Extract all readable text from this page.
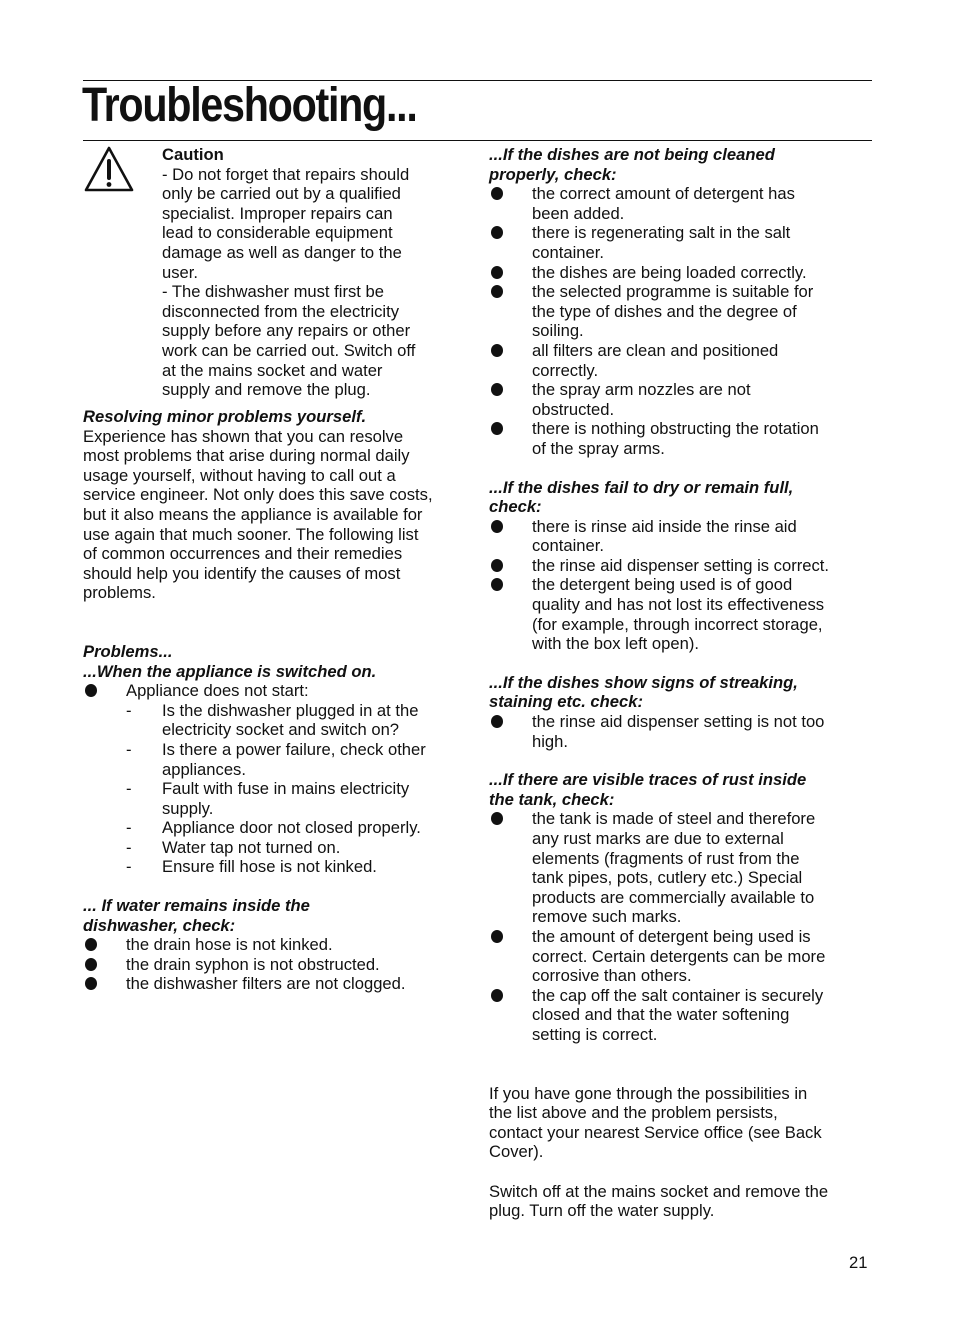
Troubleshooting...
Caution
- Do not forget that repairs should
only be carried out by a qualified
specialist. Improper repairs can
lead to considerable equipment
damage as well as danger to the
user.
- The dishwasher must first be
disconnected from the electricity
supply before any repairs or other
work can be carried out. Switch off
at the mains socket and water
supply and remove the plug.
Resolving minor problems yourself.
Experience has shown that you can resolve
most problems that arise during normal daily
usage yourself, without having to call out a
service engineer. Not only does this save costs,
but it also means the appliance is available for
use again that much sooner. The following list
of common occurrences and their remedies
should help you identify the causes of most
problems.
Problems...
...When the appliance is switched on.
Appliance does not start:
- Is the dishwasher plugged in at the
electricity socket and switch on?
- Is there a power failure, check other
appliances.
- Fault with fuse in mains electricity
supply.
- Appliance door not closed properly.
- Water tap not turned on.
- Ensure fill hose is not kinked.
... If water remains inside the
dishwasher, check:
the drain hose is not kinked.
the drain syphon is not obstructed.
the dishwasher filters are not clogged.
...If the dishes are not being cleaned
properly, check:
the correct amount of detergent has
been added.
there is regenerating salt in the salt
container.
the dishes are being loaded correctly.
the selected programme is suitable for
the type of dishes and the degree of
soiling.
all filters are clean and positioned
correctly.
the spray arm nozzles are not
obstructed.
there is nothing obstructing the rotation
of the spray arms.
...If the dishes fail to dry or remain full,
check:
there is rinse aid inside the rinse aid
container.
the rinse aid dispenser setting is correct.
the detergent being used is of good
quality and has not lost its effectiveness
(for example, through incorrect storage,
with the box left open).
...If the dishes show signs of streaking,
staining etc. check:
the rinse aid dispenser setting is not too
high.
...If there are visible traces of rust inside
the tank, check:
the tank is made of steel and therefore
any rust marks are due to external
elements (fragments of rust from the
tank pipes, pots, cutlery etc.) Special
products are commercially available to
remove such marks.
the amount of detergent being used is
correct. Certain detergents can be more
corrosive than others.
the cap off the salt container is securely
closed and that the water softening
setting is correct.
If you have gone through the possibilities in
the list above and the problem persists,
contact your nearest Service office (see Back
Cover).
Switch off at the mains socket and remove the
plug. Turn off the water supply.
21
